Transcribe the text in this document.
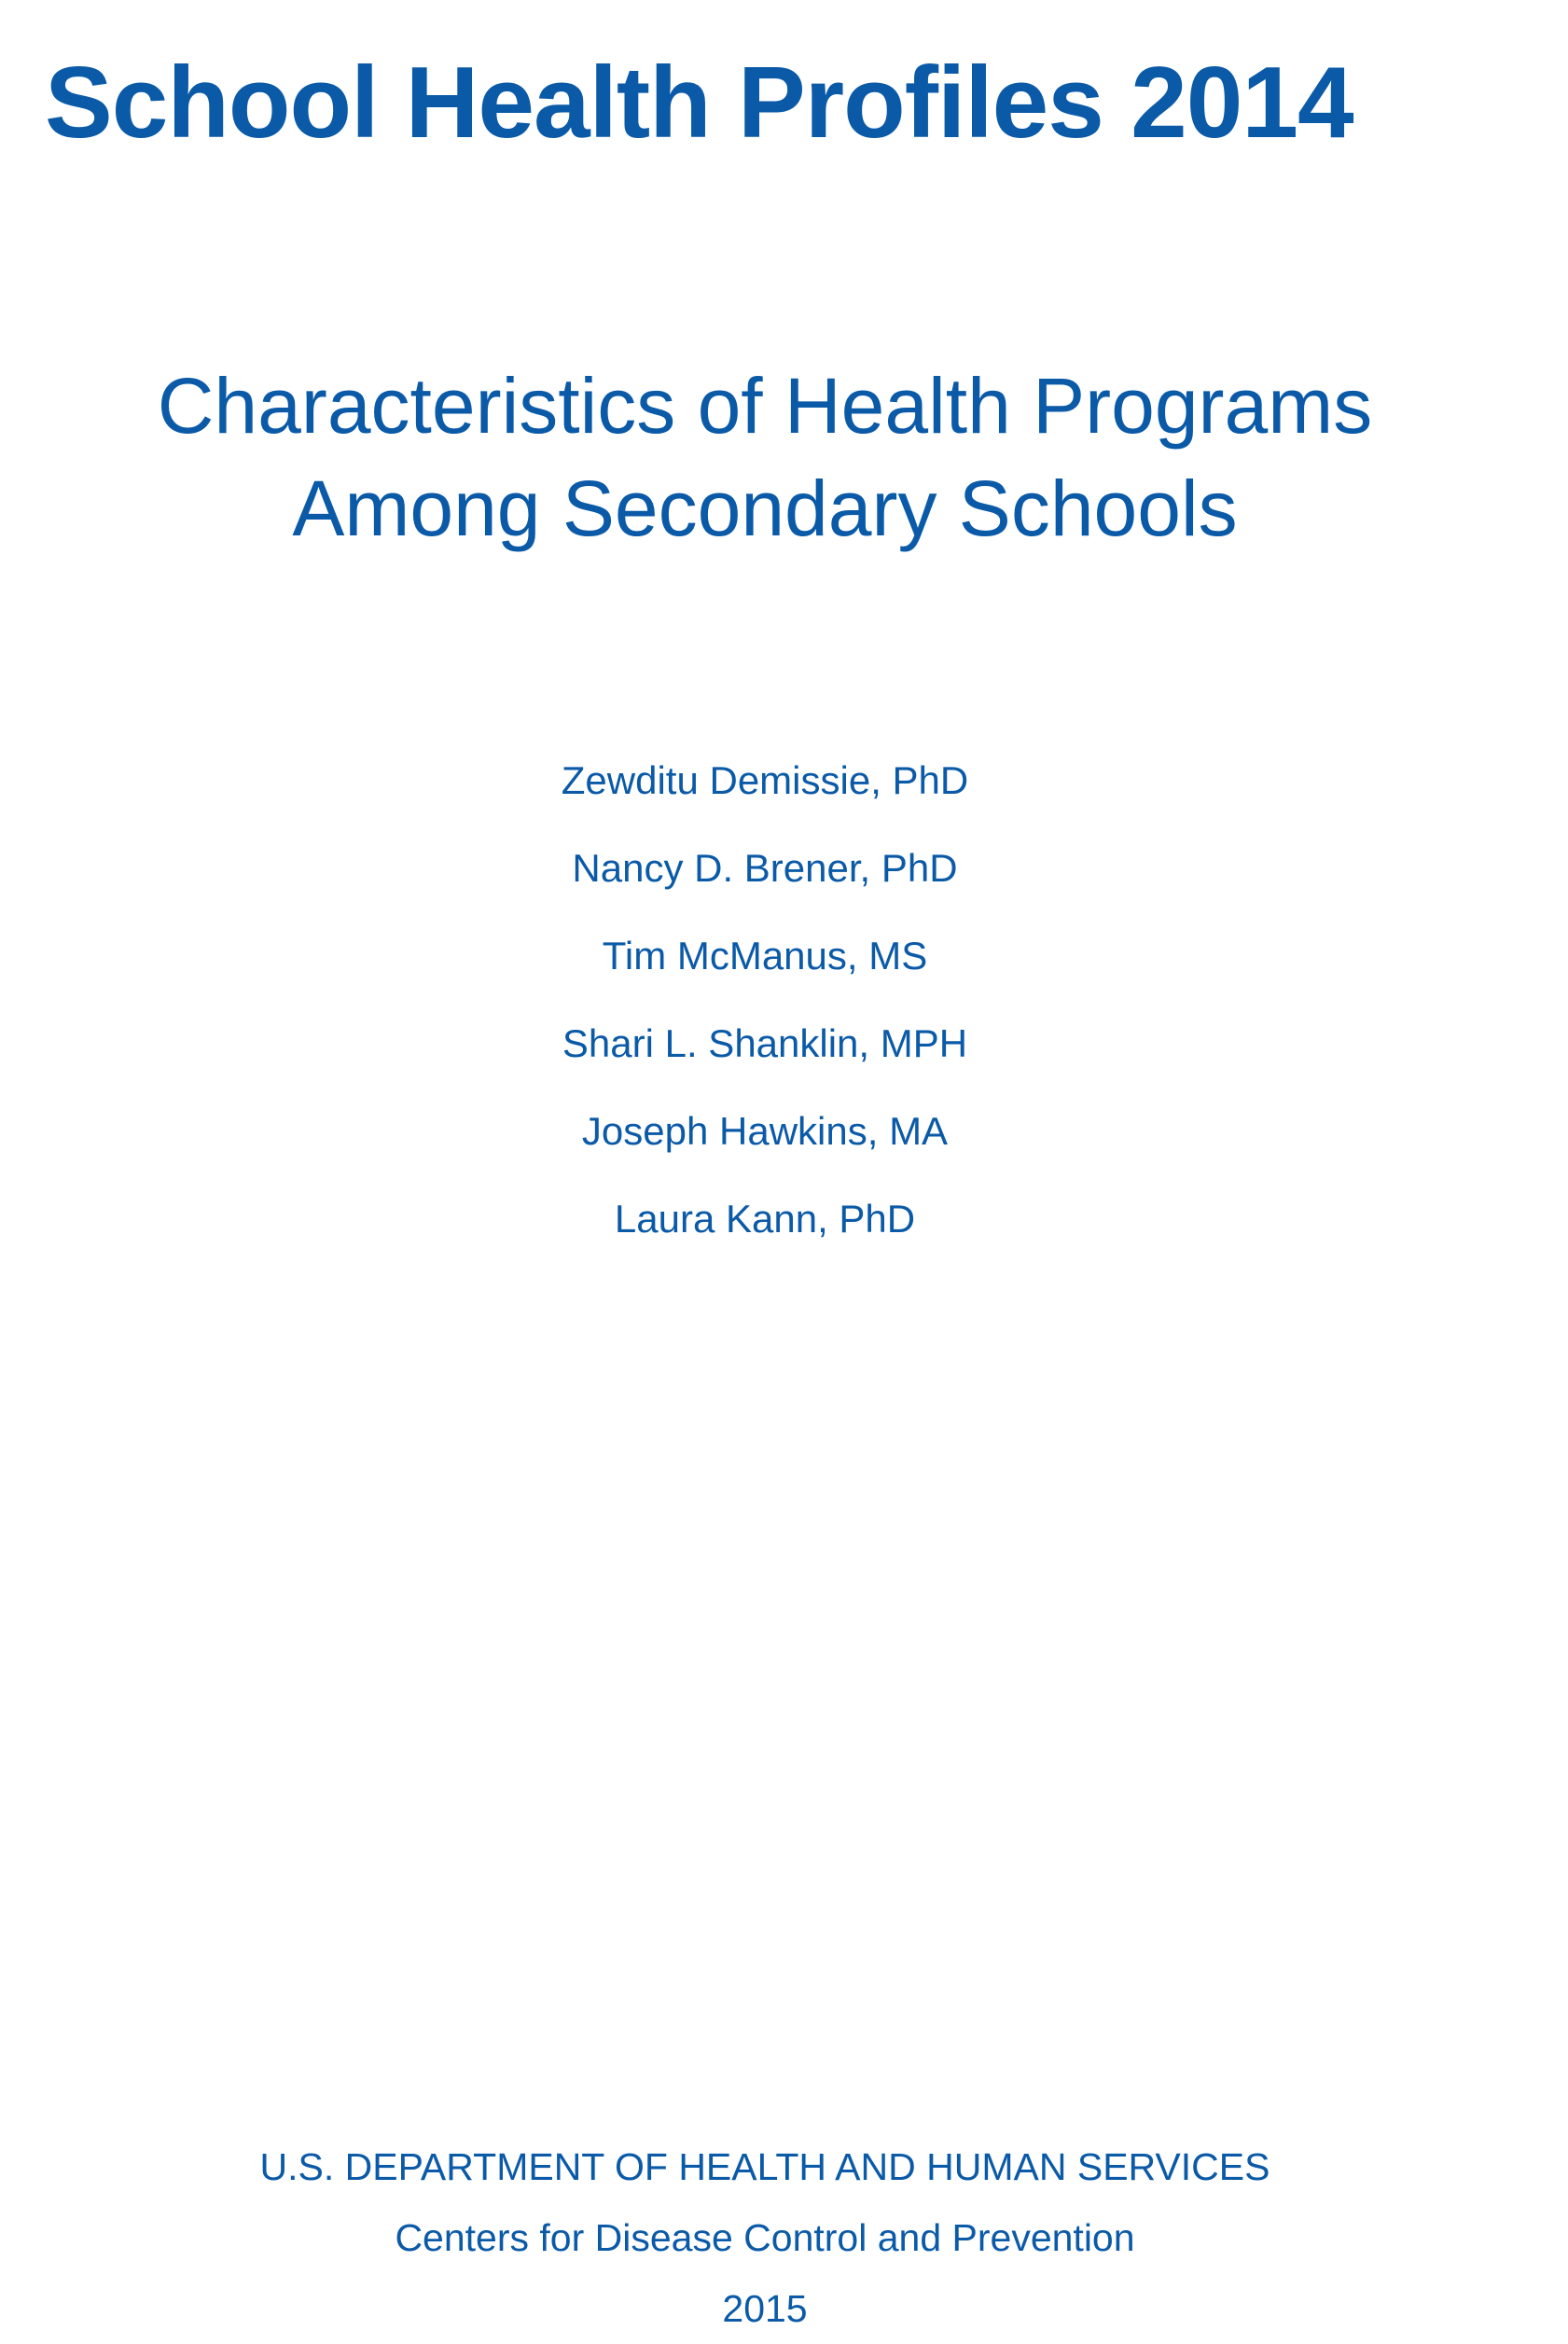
School Health Profiles 2014
Characteristics of Health Programs
Among Secondary Schools
Zewditu Demissie, PhD
Nancy D. Brener, PhD
Tim McManus, MS
Shari L. Shanklin, MPH
Joseph Hawkins, MA
Laura Kann, PhD
U.S. DEPARTMENT OF HEALTH AND HUMAN SERVICES
Centers for Disease Control and Prevention
2015
